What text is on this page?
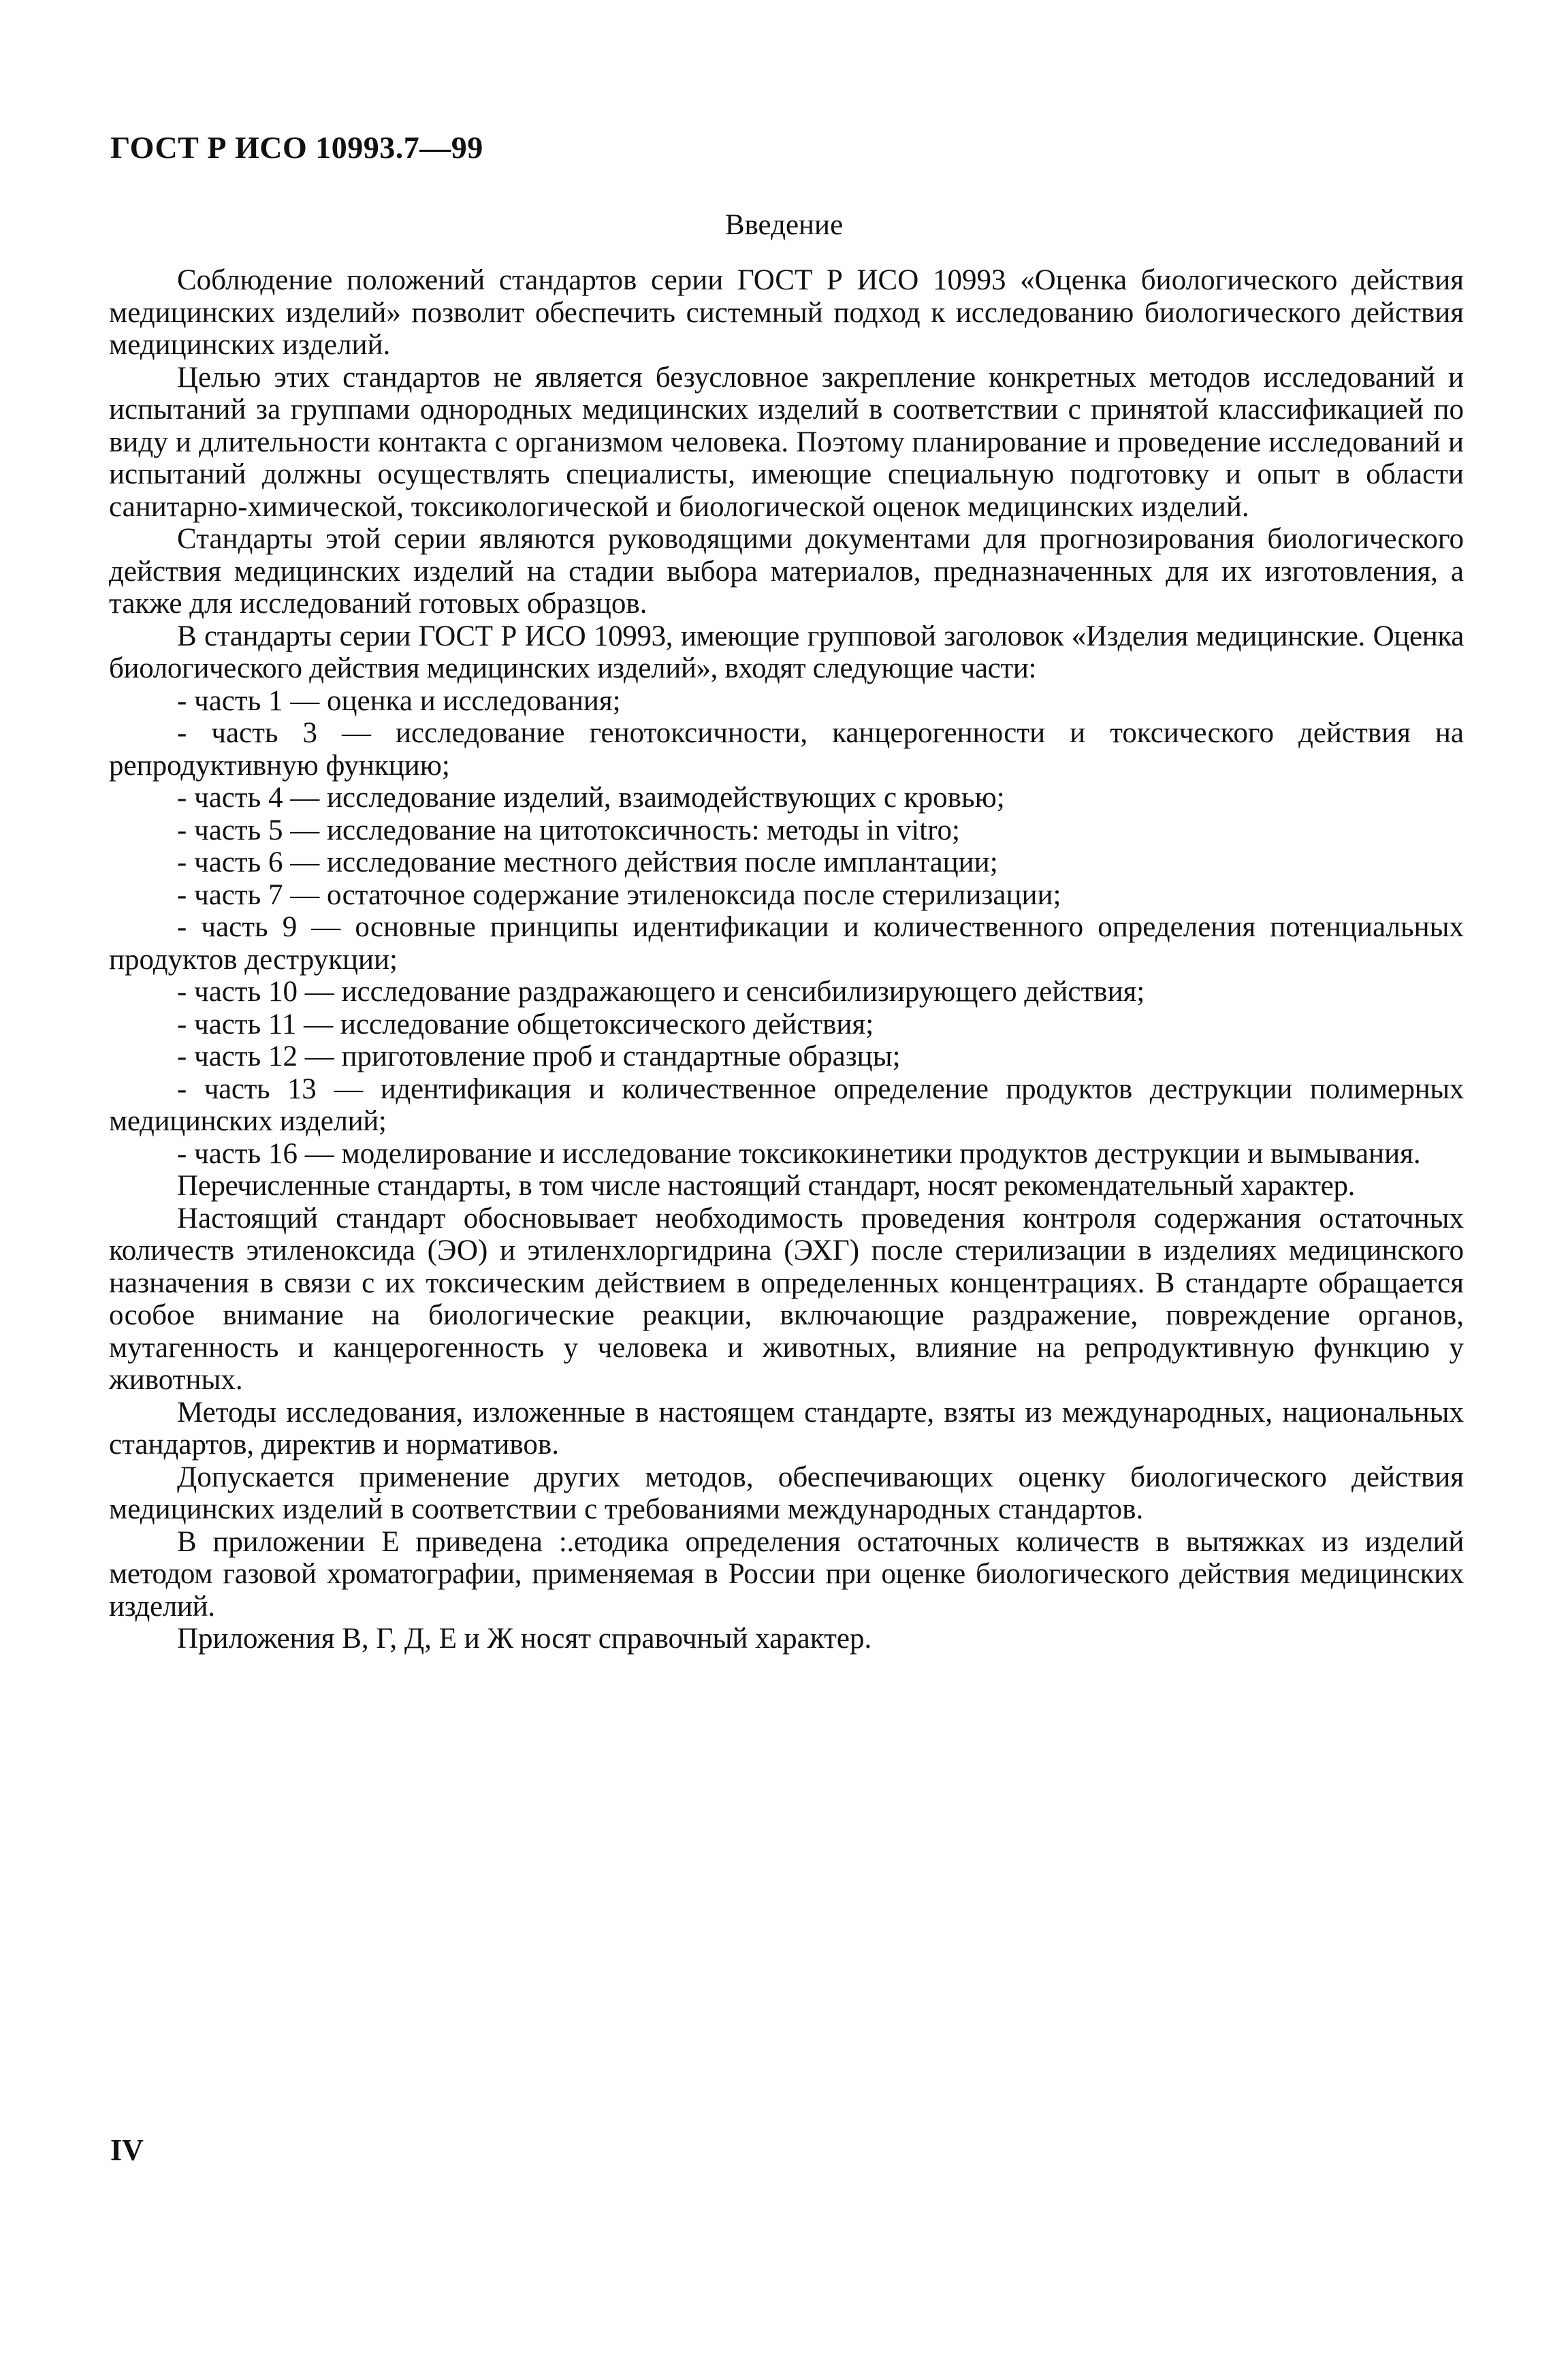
ГОСТ Р ИСО 10993.7—99
Введение

Соблюдение положений стандартов серии ГОСТ Р ИСО 10993 «Оценка биологического действия медицинских изделий» позволит обеспечить системный подход к исследованию биологического действия медицинских изделий.

Целью этих стандартов не является безусловное закрепление конкретных методов исследований и испытаний за группами однородных медицинских изделий в соответствии с принятой классификацией по виду и длительности контакта с организмом человека. Поэтому планирование и проведение исследований и испытаний должны осуществлять специалисты, имеющие специальную подготовку и опыт в области санитарно-химической, токсикологической и биологической оценок медицинских изделий.

Стандарты этой серии являются руководящими документами для прогнозирования биологического действия медицинских изделий на стадии выбора материалов, предназначенных для их изготовления, а также для исследований готовых образцов.

В стандарты серии ГОСТ Р ИСО 10993, имеющие групповой заголовок «Изделия медицинские. Оценка биологического действия медицинских изделий», входят следующие части:

- часть 1 — оценка и исследования;

- часть 3 — исследование генотоксичности, канцерогенности и токсического действия на репродуктивную функцию;

- часть 4 — исследование изделий, взаимодействующих с кровью;

- часть 5 — исследование на цитотоксичность: методы in vitro;

- часть 6 — исследование местного действия после имплантации;

- часть 7 — остаточное содержание этиленоксида после стерилизации;

- часть 9 — основные принципы идентификации и количественного определения потенциальных продуктов деструкции;

- часть 10 — исследование раздражающего и сенсибилизирующего действия;

- часть 11 — исследование общетоксического действия;

- часть 12 — приготовление проб и стандартные образцы;

- часть 13 — идентификация и количественное определение продуктов деструкции полимерных медицинских изделий;

- часть 16 — моделирование и исследование токсикокинетики продуктов деструкции и вымывания.

Перечисленные стандарты, в том числе настоящий стандарт, носят рекомендательный характер.

Настоящий стандарт обосновывает необходимость проведения контроля содержания остаточных количеств этиленоксида (ЭО) и этиленхлоргидрина (ЭХГ) после стерилизации в изделиях медицинского назначения в связи с их токсическим действием в определенных концентрациях. В стандарте обращается особое внимание на биологические реакции, включающие раздражение, повреждение органов, мутагенность и канцерогенность у человека и животных, влияние на репродуктивную функцию у животных.

Методы исследования, изложенные в настоящем стандарте, взяты из международных, национальных стандартов, директив и нормативов.

Допускается применение других методов, обеспечивающих оценку биологического действия медицинских изделий в соответствии с требованиями международных стандартов.

В приложении Е приведена :.етодика определения остаточных количеств в вытяжках из изделий методом газовой хроматографии, применяемая в России при оценке биологического действия медицинских изделий.

Приложения В, Г, Д, Е и Ж носят справочный характер.

IV
